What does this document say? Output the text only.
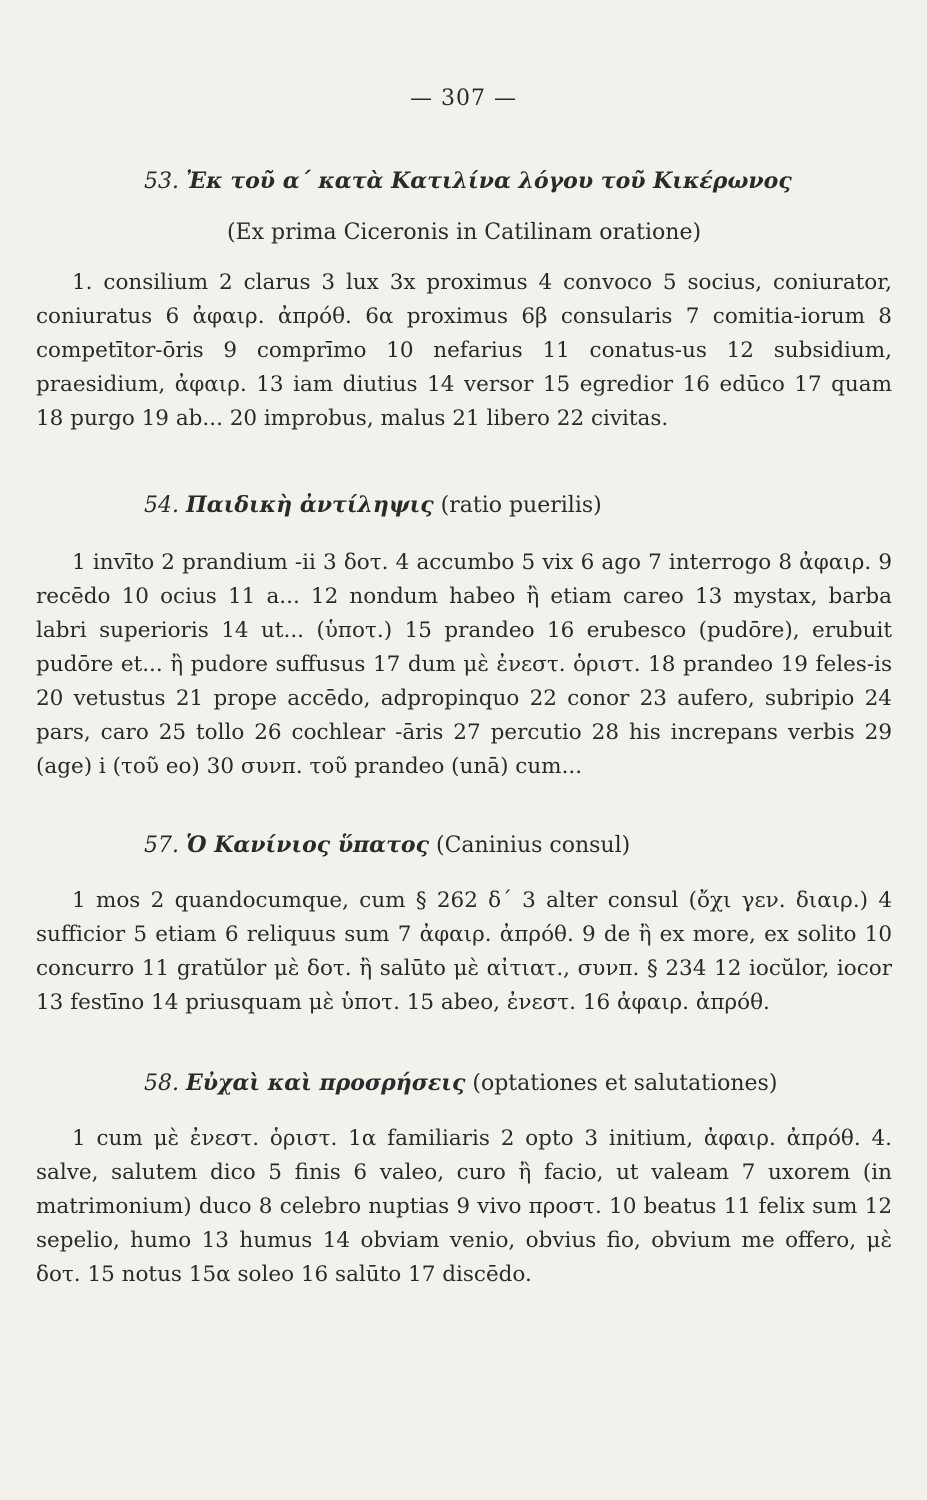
— 307 —
53. Ἐκ τοῦ α΄ κατὰ Κατιλίνα λόγου τοῦ Κικέρωνος
(Ex prima Ciceronis in Catilinam oratione)

1. consilium 2 clarus 3 lux 3x proximus 4 convoco 5 socius, coniurator, coniuratus 6 ἀφαιρ. ἀπρόθ. 6α proximus 6β consularis 7 comitia-iorum 8 competītor-ōris 9 comprīmo 10 nefarius 11 conatus-us 12 subsidium, praesidium, ἀφαιρ. 13 iam diutius 14 versor 15 egredior 16 edūco 17 quam 18 purgo 19 ab... 20 improbus, malus 21 libero 22 civitas.

54. Παιδικὴ ἀντίληψις (ratio puerilis)

1 invīto 2 prandium -ii 3 δοτ. 4 accumbo 5 vix 6 ago 7 interrogo 8 ἀφαιρ. 9 recēdo 10 ocius 11 a... 12 nondum habeo ἢ etiam careo 13 mystax, barba labri superioris 14 ut... (ὑποτ.) 15 prandeo 16 erubesco (pudōre), erubuit pudōre et... ἢ pudore suffusus 17 dum μὲ ἐνεστ. ὁριστ. 18 prandeo 19 feles-is 20 vetustus 21 prope accēdo, adpropinquo 22 conor 23 aufero, subripio 24 pars, caro 25 tollo 26 cochlear -āris 27 percutio 28 his increpans verbis 29 (age) i (τοῦ eo) 30 συνπ. τοῦ prandeo (unā) cum...

57. Ὁ Κανίνιος ὕπατος (Caninius consul)

1 mos 2 quandocumque, cum § 262 δ΄ 3 alter consul (ὄχι γεν. διαιρ.) 4 sufficior 5 etiam 6 reliquus sum 7 ἀφαιρ. ἀπρόθ. 9 de ἢ ex more, ex solito 10 concurro 11 gratŭlor μὲ δοτ. ἢ salūto μὲ αἰτιατ., συνπ. § 234 12 iocŭlor, iocor 13 festīno 14 priusquam μὲ ὑποτ. 15 abeo, ἐνεστ. 16 ἀφαιρ. ἀπρόθ.

58. Εὐχαὶ καὶ προσρήσεις (optationes et salutationes)

1 cum μὲ ἐνεστ. ὁριστ. 1α familiaris 2 opto 3 initium, ἀφαιρ. ἀπρόθ. 4. salve, salutem dico 5 finis 6 valeo, curo ἢ facio, ut valeam 7 uxorem (in matrimonium) duco 8 celebro nuptias 9 vivo προστ. 10 beatus 11 felix sum 12 sepelio, humo 13 humus 14 obviam venio, obvius fio, obvium me offero, μὲ δοτ. 15 notus 15α soleo 16 salūto 17 discēdo.
